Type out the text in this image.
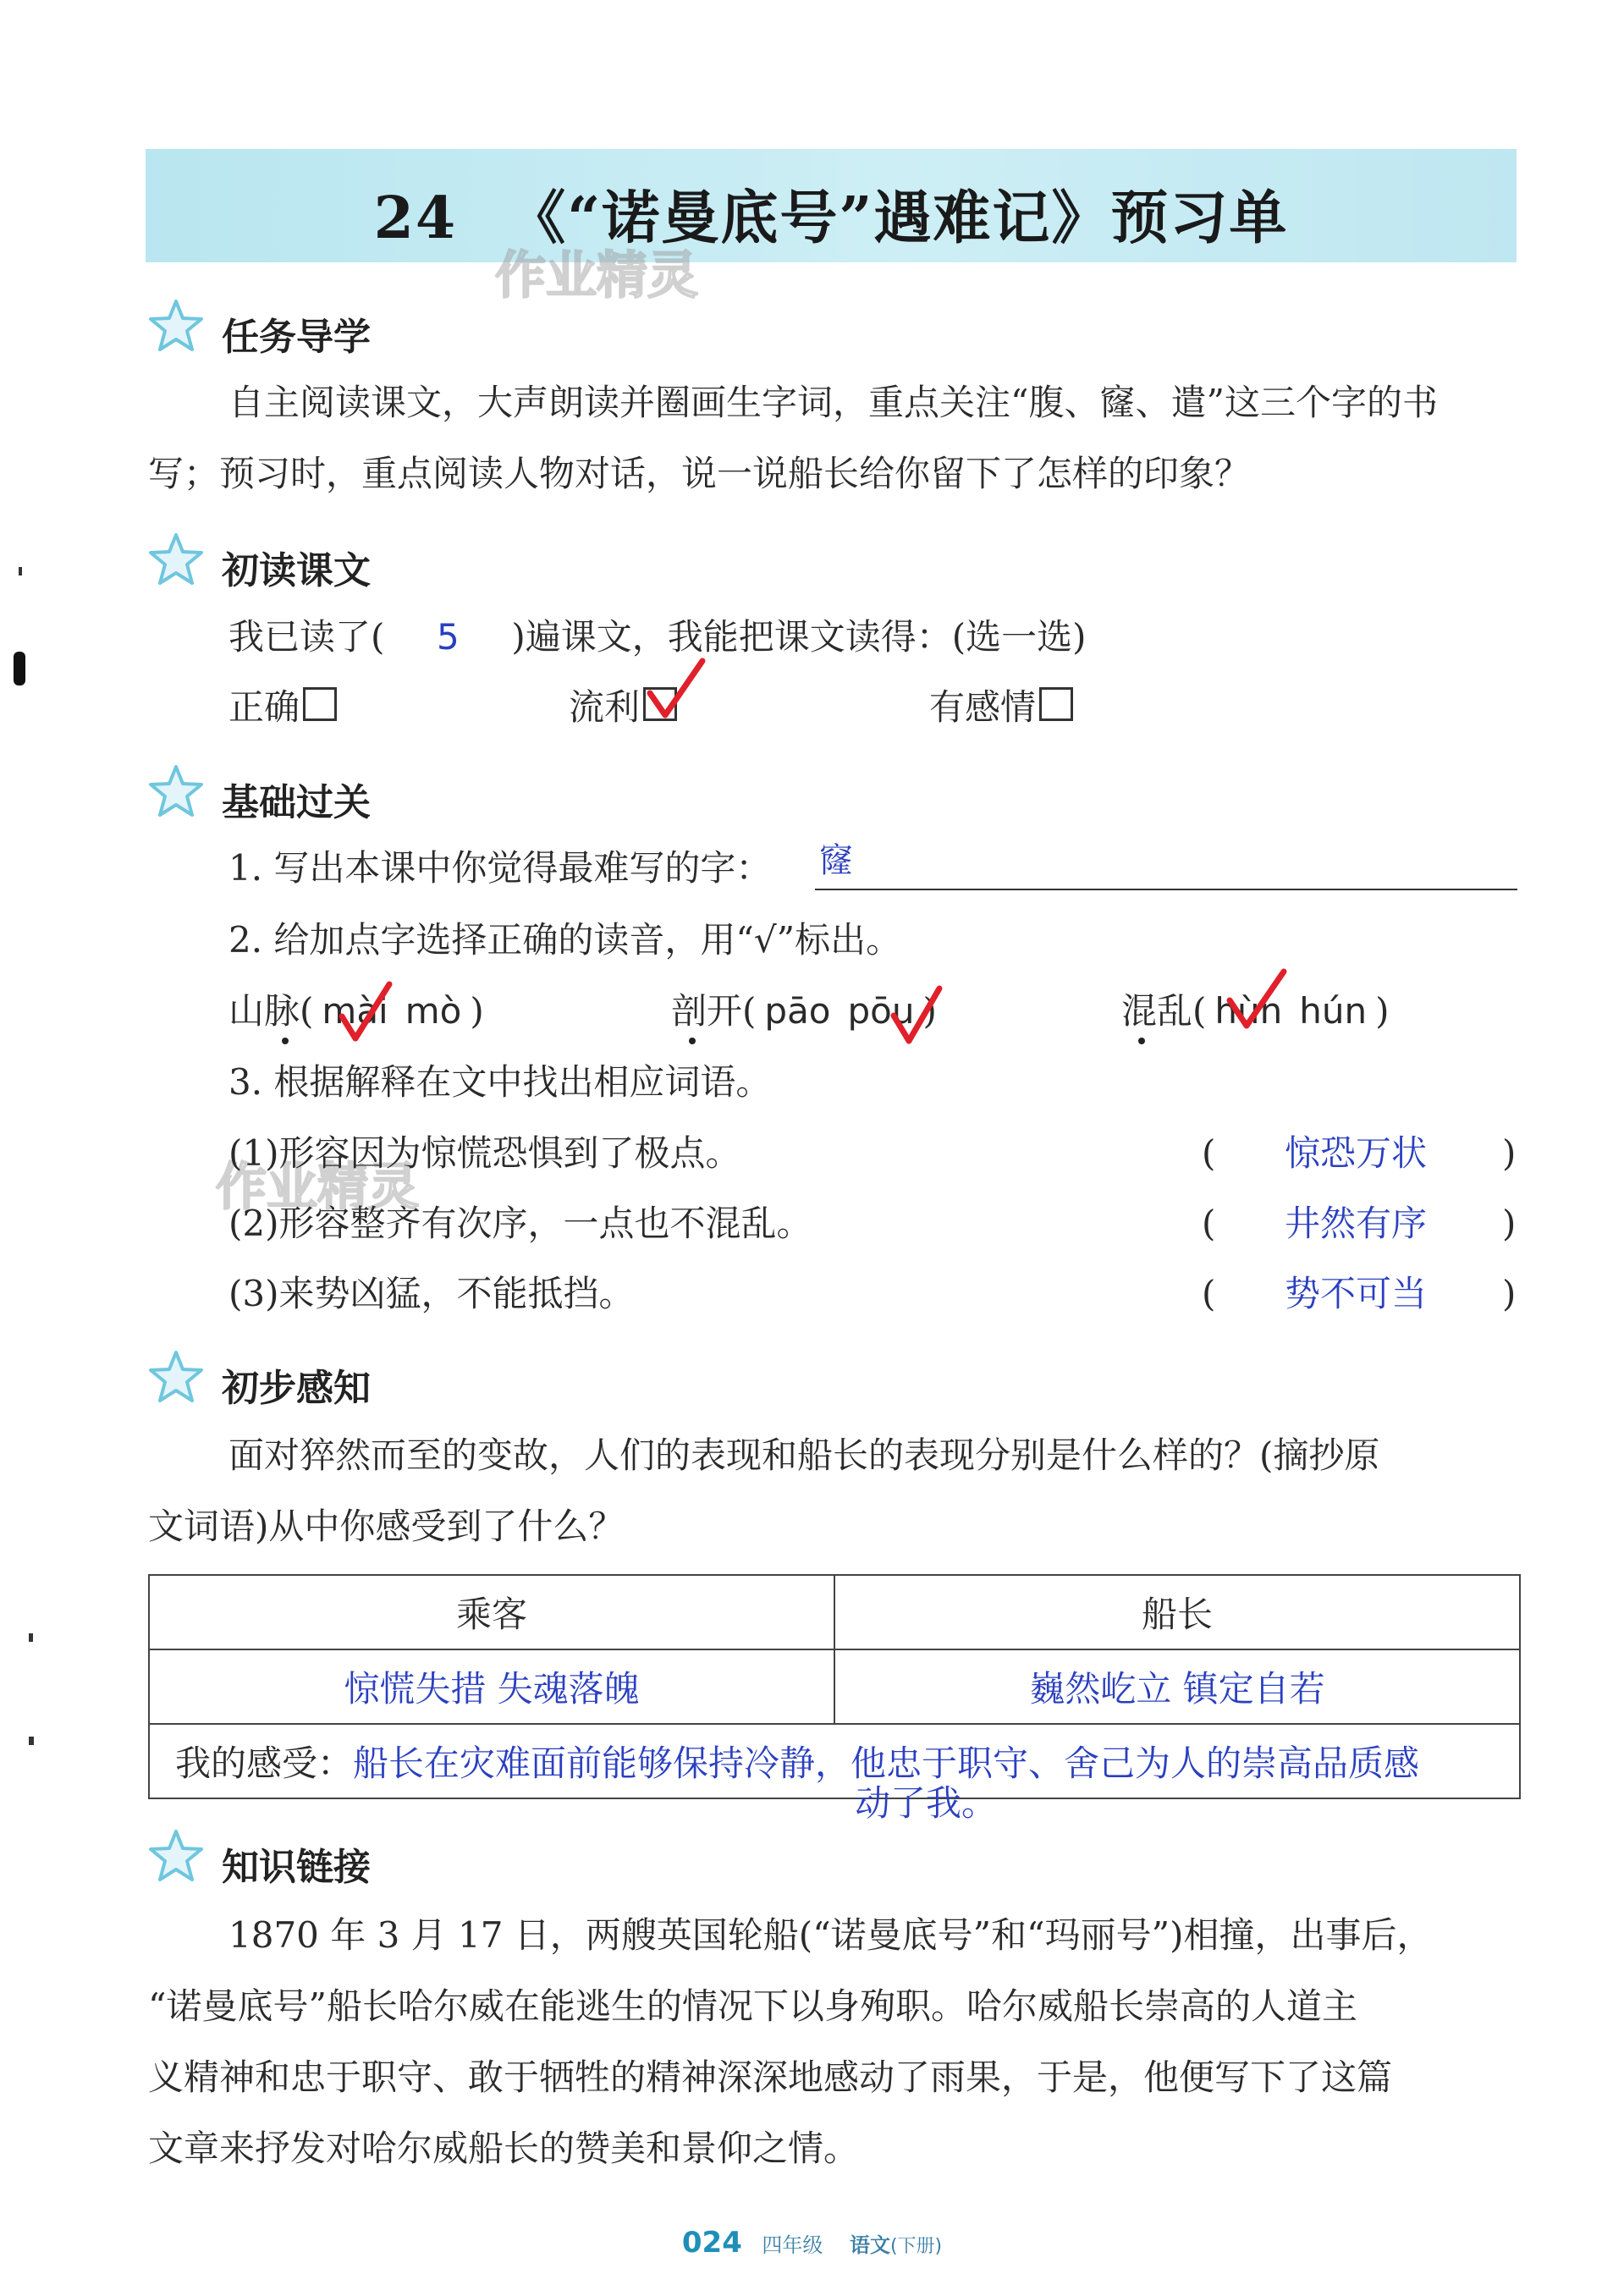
24 《“诺曼底号”遇难记》预习单
作业精灵
作业精灵
任务导学
自主阅读课文，大声朗读并圈画生字词，重点关注“腹、窿、遣”这三个字的书
写；预习时，重点阅读人物对话，说一说船长给你留下了怎样的印象？
初读课文
我已读了( 5 )遍课文，我能把课文读得：(选一选)
正确	流利	有感情
基础过关
1. 写出本课中你觉得最难写的字： 窿
2. 给加点字选择正确的读音，用“√”标出。
山脉( mài mò )	剖开( pāo pōu )	混乱( hùn hún )
3. 根据解释在文中找出相应词语。
(1)形容因为惊慌恐惧到了极点。	( 惊恐万状 )
(2)形容整齐有次序，一点也不混乱。	( 井然有序 )
(3)来势凶猛，不能抵挡。	( 势不可当 )
初步感知
面对猝然而至的变故，人们的表现和船长的表现分别是什么样的？(摘抄原
文词语)从中你感受到了什么？
乘客	船长
惊慌失措 失魂落魄	巍然屹立 镇定自若
我的感受：船长在灾难面前能够保持冷静，他忠于职守、舍己为人的崇高品质感	
动了我。
知识链接
1870 年 3 月 17 日，两艘英国轮船(“诺曼底号”和“玛丽号”)相撞，出事后，
“诺曼底号”船长哈尔威在能逃生的情况下以身殉职。哈尔威船长崇高的人道主
义精神和忠于职守、敢于牺牲的精神深深地感动了雨果，于是，他便写下了这篇
文章来抒发对哈尔威船长的赞美和景仰之情。
024 四年级 语文(下册)
